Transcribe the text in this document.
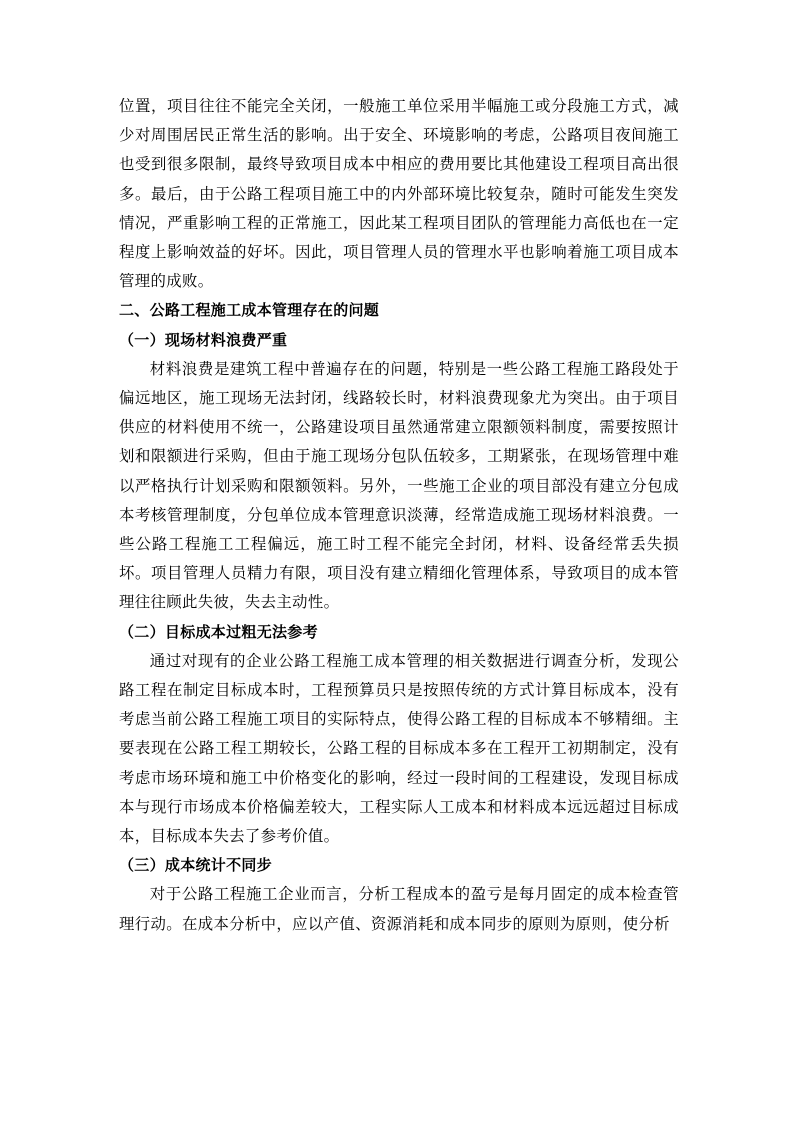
位置，项目往往不能完全关闭，一般施工单位采用半幅施工或分段施工方式，减少对周围居民正常生活的影响。出于安全、环境影响的考虑，公路项目夜间施工也受到很多限制，最终导致项目成本中相应的费用要比其他建设工程项目高出很多。最后，由于公路工程项目施工中的内外部环境比较复杂，随时可能发生突发情况，严重影响工程的正常施工，因此某工程项目团队的管理能力高低也在一定程度上影响效益的好坏。因此，项目管理人员的管理水平也影响着施工项目成本管理的成败。

二、公路工程施工成本管理存在的问题

（一）现场材料浪费严重

材料浪费是建筑工程中普遍存在的问题，特别是一些公路工程施工路段处于偏远地区，施工现场无法封闭，线路较长时，材料浪费现象尤为突出。由于项目供应的材料使用不统一，公路建设项目虽然通常建立限额领料制度，需要按照计划和限额进行采购，但由于施工现场分包队伍较多，工期紧张，在现场管理中难以严格执行计划采购和限额领料。另外，一些施工企业的项目部没有建立分包成本考核管理制度，分包单位成本管理意识淡薄，经常造成施工现场材料浪费。一些公路工程施工工程偏远，施工时工程不能完全封闭，材料、设备经常丢失损坏。项目管理人员精力有限，项目没有建立精细化管理体系，导致项目的成本管理往往顾此失彼，失去主动性。

（二）目标成本过粗无法参考

通过对现有的企业公路工程施工成本管理的相关数据进行调查分析，发现公路工程在制定目标成本时，工程预算员只是按照传统的方式计算目标成本，没有考虑当前公路工程施工项目的实际特点，使得公路工程的目标成本不够精细。主要表现在公路工程工期较长，公路工程的目标成本多在工程开工初期制定，没有考虑市场环境和施工中价格变化的影响，经过一段时间的工程建设，发现目标成本与现行市场成本价格偏差较大，工程实际人工成本和材料成本远远超过目标成本，目标成本失去了参考价值。

（三）成本统计不同步

对于公路工程施工企业而言，分析工程成本的盈亏是每月固定的成本检查管理行动。在成本分析中，应以产值、资源消耗和成本同步的原则为原则，使分析
